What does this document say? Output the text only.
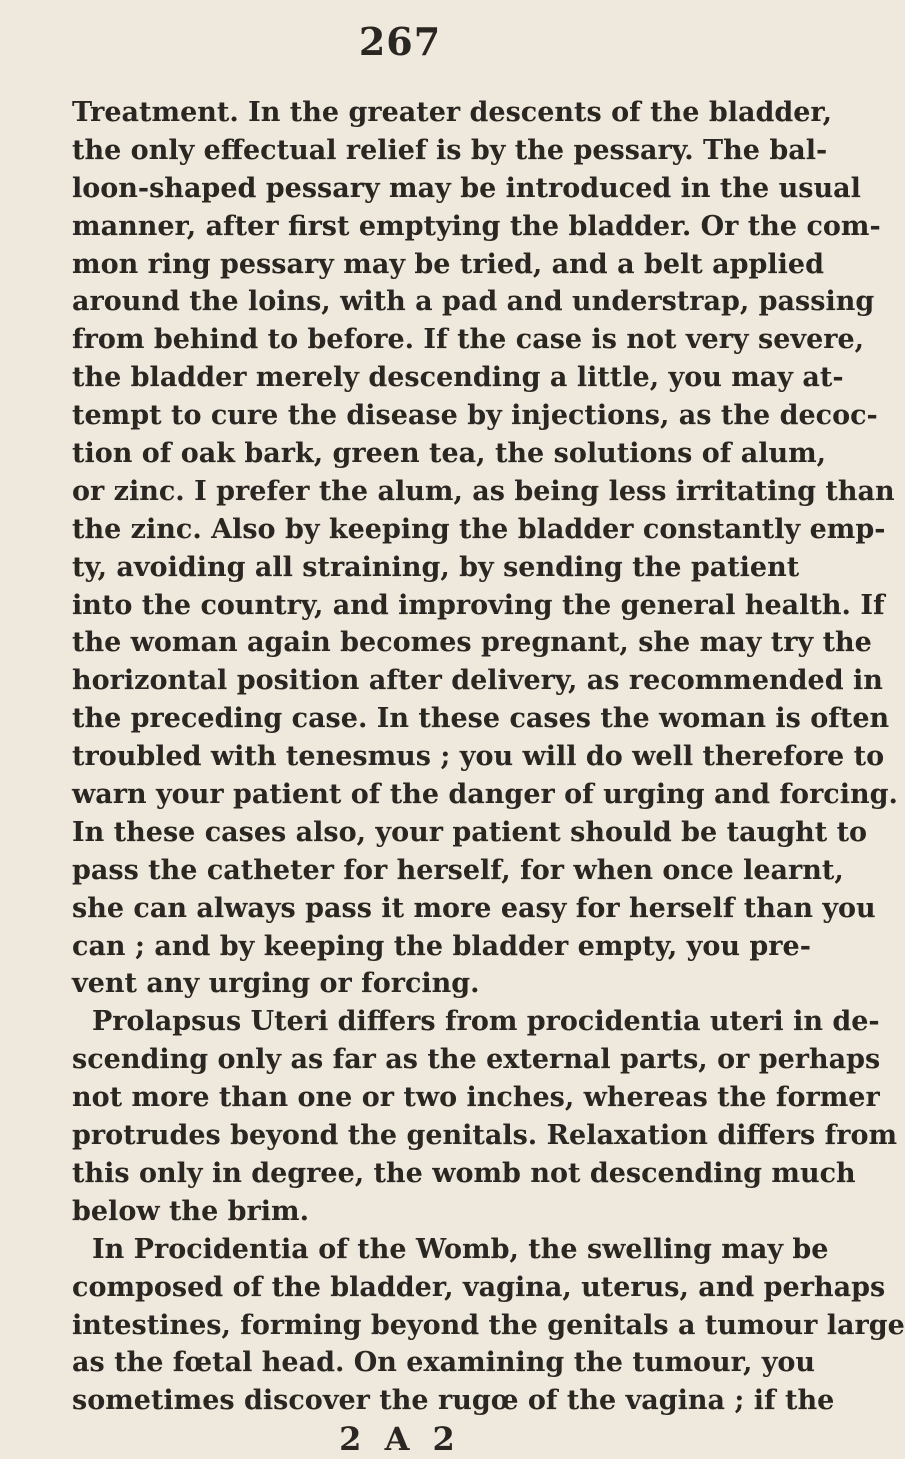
267
Treatment. In the greater descents of the bladder,
the only effectual relief is by the pessary. The bal-
loon-shaped pessary may be introduced in the usual
manner, after first emptying the bladder. Or the com-
mon ring pessary may be tried, and a belt applied
around the loins, with a pad and understrap, passing
from behind to before. If the case is not very severe,
the bladder merely descending a little, you may at-
tempt to cure the disease by injections, as the decoc-
tion of oak bark, green tea, the solutions of alum,
or zinc. I prefer the alum, as being less irritating than
the zinc. Also by keeping the bladder constantly emp-
ty, avoiding all straining, by sending the patient
into the country, and improving the general health. If
the woman again becomes pregnant, she may try the
horizontal position after delivery, as recommended in
the preceding case. In these cases the woman is often
troubled with tenesmus ; you will do well therefore to
warn your patient of the danger of urging and forcing.
In these cases also, your patient should be taught to
pass the catheter for herself, for when once learnt,
she can always pass it more easy for herself than you
can ; and by keeping the bladder empty, you pre-
vent any urging or forcing.
Prolapsus Uteri differs from procidentia uteri in de-
scending only as far as the external parts, or perhaps
not more than one or two inches, whereas the former
protrudes beyond the genitals. Relaxation differs from
this only in degree, the womb not descending much
below the brim.
In Procidentia of the Womb, the swelling may be
composed of the bladder, vagina, uterus, and perhaps
intestines, forming beyond the genitals a tumour large
as the fœtal head. On examining the tumour, you
sometimes discover the rugœ of the vagina ; if the
2 A 2
